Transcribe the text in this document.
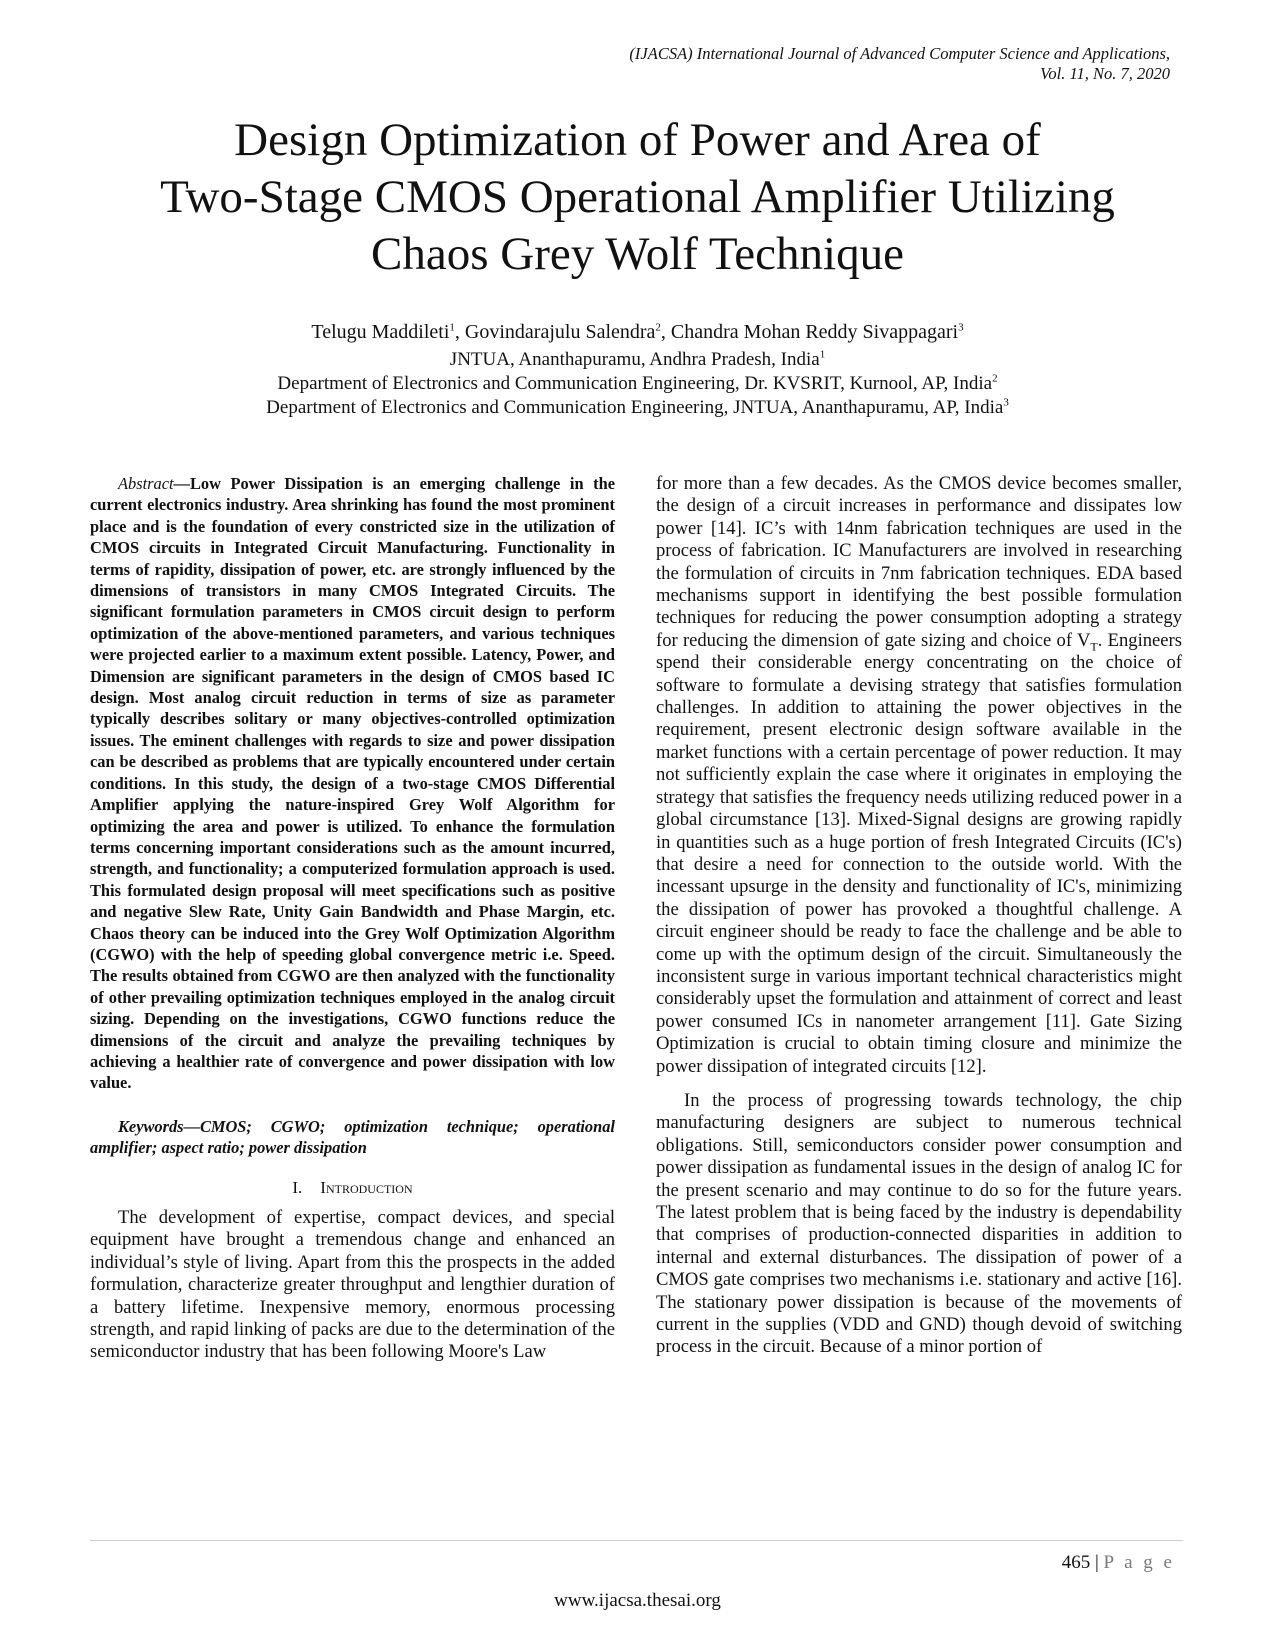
(IJACSA) International Journal of Advanced Computer Science and Applications,
Vol. 11, No. 7, 2020
Design Optimization of Power and Area of
Two-Stage CMOS Operational Amplifier Utilizing
Chaos Grey Wolf Technique
Telugu Maddileti$^1$, Govindarajulu Salendra$^2$, Chandra Mohan Reddy Sivappagari$^3$
JNTUA, Ananthapuramu, Andhra Pradesh, India$^1$
Department of Electronics and Communication Engineering, Dr. KVSRIT, Kurnool, AP, India$^2$
Department of Electronics and Communication Engineering, JNTUA, Ananthapuramu, AP, India$^3$

Abstract—Low Power Dissipation is an emerging challenge in the current electronics industry. Area shrinking has found the most prominent place and is the foundation of every constricted size in the utilization of CMOS circuits in Integrated Circuit Manufacturing. Functionality in terms of rapidity, dissipation of power, etc. are strongly influenced by the dimensions of transistors in many CMOS Integrated Circuits. The significant formulation parameters in CMOS circuit design to perform optimization of the above-mentioned parameters, and various techniques were projected earlier to a maximum extent possible. Latency, Power, and Dimension are significant parameters in the design of CMOS based IC design. Most analog circuit reduction in terms of size as parameter typically describes solitary or many objectives-controlled optimization issues. The eminent challenges with regards to size and power dissipation can be described as problems that are typically encountered under certain conditions. In this study, the design of a two-stage CMOS Differential Amplifier applying the nature-inspired Grey Wolf Algorithm for optimizing the area and power is utilized. To enhance the formulation terms concerning important considerations such as the amount incurred, strength, and functionality; a computerized formulation approach is used. This formulated design proposal will meet specifications such as positive and negative Slew Rate, Unity Gain Bandwidth and Phase Margin, etc. Chaos theory can be induced into the Grey Wolf Optimization Algorithm (CGWO) with the help of speeding global convergence metric i.e. Speed. The results obtained from CGWO are then analyzed with the functionality of other prevailing optimization techniques employed in the analog circuit sizing. Depending on the investigations, CGWO functions reduce the dimensions of the circuit and analyze the prevailing techniques by achieving a healthier rate of convergence and power dissipation with low value.

Keywords—CMOS; CGWO; optimization technique; operational amplifier; aspect ratio; power dissipation

I. Introduction

The development of expertise, compact devices, and special equipment have brought a tremendous change and enhanced an individual’s style of living. Apart from this the prospects in the added formulation, characterize greater throughput and lengthier duration of a battery lifetime. Inexpensive memory, enormous processing strength, and rapid linking of packs are due to the determination of the semiconductor industry that has been following Moore's Law

for more than a few decades. As the CMOS device becomes smaller, the design of a circuit increases in performance and dissipates low power [14]. IC’s with 14nm fabrication techniques are used in the process of fabrication. IC Manufacturers are involved in researching the formulation of circuits in 7nm fabrication techniques. EDA based mechanisms support in identifying the best possible formulation techniques for reducing the power consumption adopting a strategy for reducing the dimension of gate sizing and choice of $V_T$. Engineers spend their considerable energy concentrating on the choice of software to formulate a devising strategy that satisfies formulation challenges. In addition to attaining the power objectives in the requirement, present electronic design software available in the market functions with a certain percentage of power reduction. It may not sufficiently explain the case where it originates in employing the strategy that satisfies the frequency needs utilizing reduced power in a global circumstance [13]. Mixed-Signal designs are growing rapidly in quantities such as a huge portion of fresh Integrated Circuits (IC's) that desire a need for connection to the outside world. With the incessant upsurge in the density and functionality of IC's, minimizing the dissipation of power has provoked a thoughtful challenge. A circuit engineer should be ready to face the challenge and be able to come up with the optimum design of the circuit. Simultaneously the inconsistent surge in various important technical characteristics might considerably upset the formulation and attainment of correct and least power consumed ICs in nanometer arrangement [11]. Gate Sizing Optimization is crucial to obtain timing closure and minimize the power dissipation of integrated circuits [12].

In the process of progressing towards technology, the chip manufacturing designers are subject to numerous technical obligations. Still, semiconductors consider power consumption and power dissipation as fundamental issues in the design of analog IC for the present scenario and may continue to do so for the future years. The latest problem that is being faced by the industry is dependability that comprises of production-connected disparities in addition to internal and external disturbances. The dissipation of power of a CMOS gate comprises two mechanisms i.e. stationary and active [16]. The stationary power dissipation is because of the movements of current in the supplies (VDD and GND) though devoid of switching process in the circuit. Because of a minor portion of

465 | P a g e
www.ijacsa.thesai.org
